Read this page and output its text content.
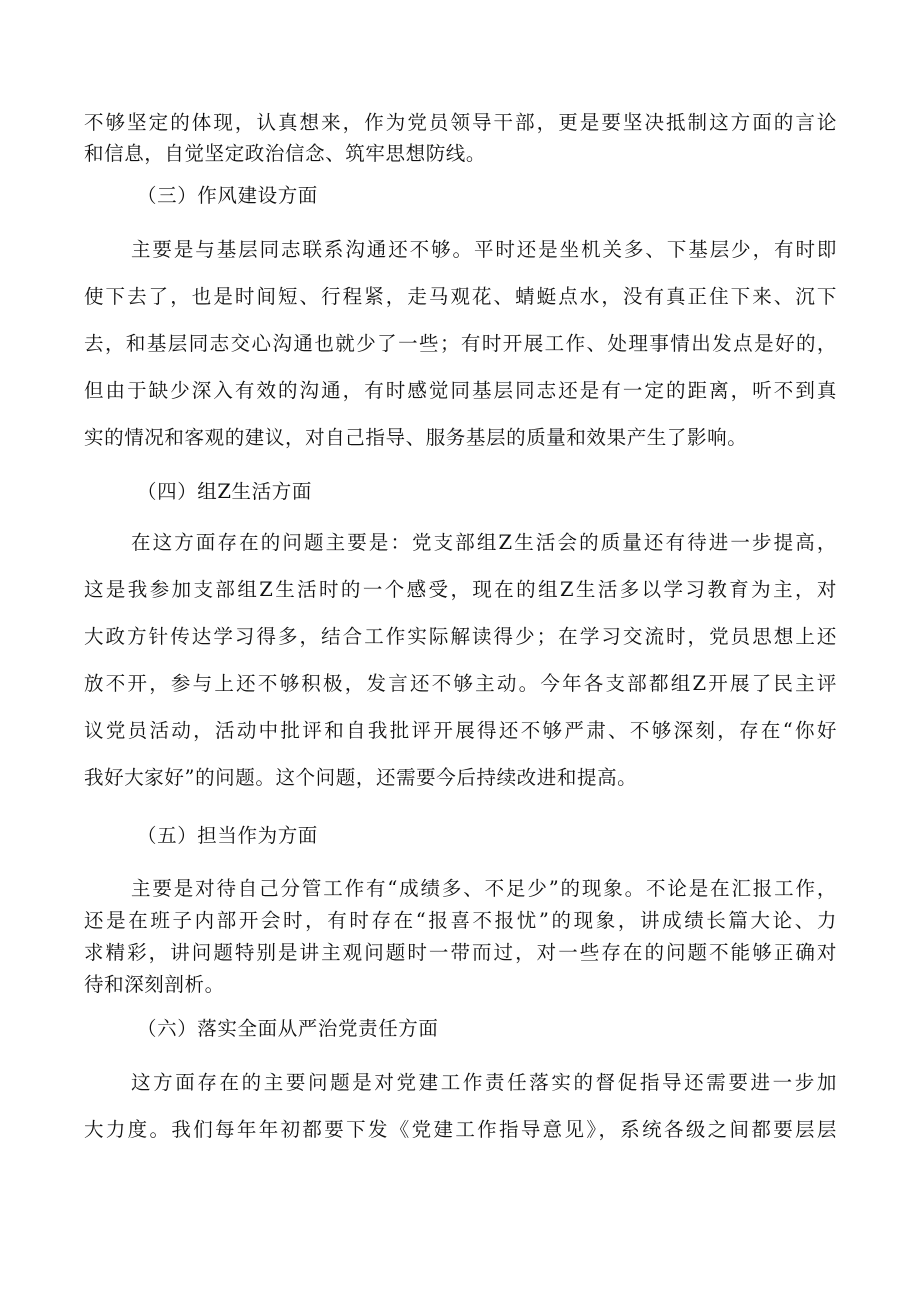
不够坚定的体现，认真想来，作为党员领导干部，更是要坚决抵制这方面的言论

和信息，自觉坚定政治信念、筑牢思想防线。

（三）作风建设方面

主要是与基层同志联系沟通还不够。平时还是坐机关多、下基层少，有时即

使下去了，也是时间短、行程紧，走马观花、蜻蜓点水，没有真正住下来、沉下

去，和基层同志交心沟通也就少了一些；有时开展工作、处理事情出发点是好的，

但由于缺少深入有效的沟通，有时感觉同基层同志还是有一定的距离，听不到真

实的情况和客观的建议，对自己指导、服务基层的质量和效果产生了影响。

（四）组Z生活方面

在这方面存在的问题主要是：党支部组Z生活会的质量还有待进一步提高，

这是我参加支部组Z生活时的一个感受，现在的组Z生活多以学习教育为主，对

大政方针传达学习得多，结合工作实际解读得少；在学习交流时，党员思想上还

放不开，参与上还不够积极，发言还不够主动。今年各支部都组Z开展了民主评

议党员活动，活动中批评和自我批评开展得还不够严肃、不够深刻，存在“你好

我好大家好”的问题。这个问题，还需要今后持续改进和提高。

（五）担当作为方面

主要是对待自己分管工作有“成绩多、不足少”的现象。不论是在汇报工作，

还是在班子内部开会时，有时存在“报喜不报忧”的现象，讲成绩长篇大论、力

求精彩，讲问题特别是讲主观问题时一带而过，对一些存在的问题不能够正确对

待和深刻剖析。

（六）落实全面从严治党责任方面

这方面存在的主要问题是对党建工作责任落实的督促指导还需要进一步加

大力度。我们每年年初都要下发《党建工作指导意见》，系统各级之间都要层层
